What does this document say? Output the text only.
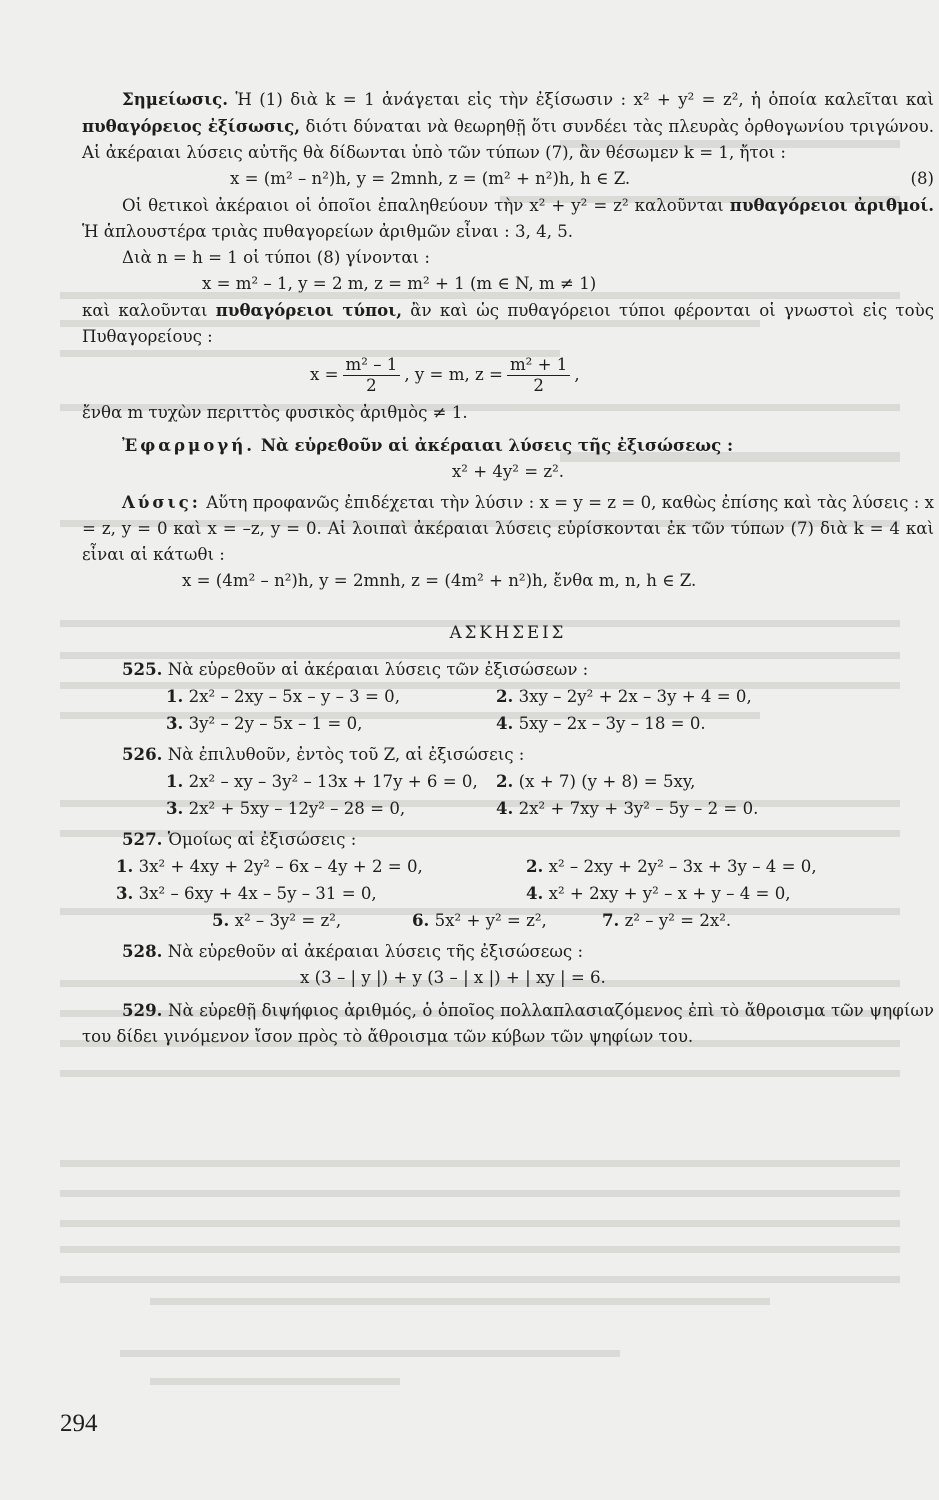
Σημείωσις. Ἡ (1) διὰ k = 1 ἀνάγεται εἰς τὴν ἐξίσωσιν : x² + y² = z², ἡ ὁποία καλεῖται καὶ πυθαγόρειος ἐξίσωσις, διότι δύναται νὰ θεωρηθῇ ὅτι συνδέει τὰς πλευρὰς ὀρθογωνίου τριγώνου. Αἱ ἀκέραιαι λύσεις αὐτῆς θὰ δίδωνται ὑπὸ τῶν τύπων (7), ἂν θέσωμεν k = 1, ἤτοι :

x = (m² – n²)h, y = 2mnh, z = (m² + n²)h, h ∈ Z.	(8)

Οἱ θετικοὶ ἀκέραιοι οἱ ὁποῖοι ἐπαληθεύουν τὴν x² + y² = z² καλοῦνται πυθαγόρειοι ἀριθμοί. Ἡ ἁπλουστέρα τριὰς πυθαγορείων ἀριθμῶν εἶναι : 3, 4, 5.

Διὰ n = h = 1 οἱ τύποι (8) γίνονται :

x = m² – 1, y = 2 m, z = m² + 1 (m ∈ N, m ≠ 1)

καὶ καλοῦνται πυθαγόρειοι τύποι, ἂν καὶ ὡς πυθαγόρειοι τύποι φέρονται οἱ γνωστοὶ εἰς τοὺς Πυθαγορείους :

$x = \frac{\text{m² – 1}}{2}$ , y = m, $z = \frac{\text{m² + 1}}{2}$ ,

ἔνθα m τυχὼν περιττὸς φυσικὸς ἀριθμὸς ≠ 1.

Ἐφαρμογή. Νὰ εὑρεθοῦν αἱ ἀκέραιαι λύσεις τῆς ἐξισώσεως :

x² + 4y² = z².

Λύσις: Αὕτη προφανῶς ἐπιδέχεται τὴν λύσιν : x = y = z = 0, καθὼς ἐπίσης καὶ τὰς λύσεις : x = z, y = 0 καὶ x = –z, y = 0. Αἱ λοιπαὶ ἀκέραιαι λύσεις εὑρίσκονται ἐκ τῶν τύπων (7) διὰ k = 4 καὶ εἶναι αἱ κάτωθι :

x = (4m² – n²)h, y = 2mnh, z = (4m² + n²)h, ἔνθα m, n, h ∈ Z.
ΑΣΚΗΣΕΙΣ

525. Νὰ εὑρεθοῦν αἱ ἀκέραιαι λύσεις τῶν ἐξισώσεων :

1. 2x² – 2xy – 5x – y – 3 = 0,	2. 3xy – 2y² + 2x – 3y + 4 = 0,
3. 3y² – 2y – 5x – 1 = 0,	4. 5xy – 2x – 3y – 18 = 0.

526. Νὰ ἐπιλυθοῦν, ἐντὸς τοῦ Z, αἱ ἐξισώσεις :

1. 2x² – xy – 3y² – 13x + 17y + 6 = 0,	2. (x + 7) (y + 8) = 5xy,
3. 2x² + 5xy – 12y² – 28 = 0,	4. 2x² + 7xy + 3y² – 5y – 2 = 0.

527. Ὁμοίως αἱ ἐξισώσεις :

1. 3x² + 4xy + 2y² – 6x – 4y + 2 = 0,	2. x² – 2xy + 2y² – 3x + 3y – 4 = 0,
3. 3x² – 6xy + 4x – 5y – 31 = 0,	4. x² + 2xy + y² – x + y – 4 = 0,
5. x² – 3y² = z²,	6. 5x² + y² = z²,	7. z² – y² = 2x².

528. Νὰ εὑρεθοῦν αἱ ἀκέραιαι λύσεις τῆς ἐξισώσεως :

x (3 – | y |) + y (3 – | x |) + | xy | = 6.

529. Νὰ εὑρεθῇ διψήφιος ἀριθμός, ὁ ὁποῖος πολλαπλασιαζόμενος ἐπὶ τὸ ἄθροισμα τῶν ψηφίων του δίδει γινόμενον ἴσον πρὸς τὸ ἄθροισμα τῶν κύβων τῶν ψηφίων του.

294
